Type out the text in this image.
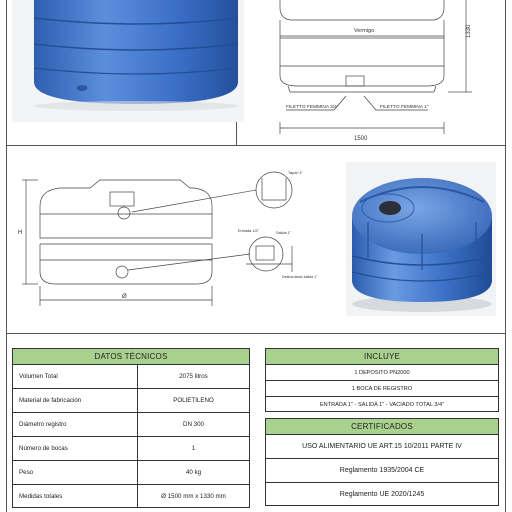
Vermigo	1330
1500
FILETTO FEMMINA 3/4"	FILETTO FEMMINA 1"
H
Ø
Tapón 1"
Entrada 1/2"	Salida 1"
Desbordador salida 1"
DATOS TÉCNICOS
Volumen Total	2075 litros
Material de fabricación	POLIETILENO
Diámetro registro	DN 300
Número de bocas	1
Peso	40 kg
Medidas totales	Ø 1500 mm x 1330 mm
INCLUYE
1 DEPOSITO PN2000
1 BOCA DE REGISTRO
ENTRADA 1" - SALIDA 1" - VACIADO TOTAL 3/4"
CERTIFICADOS
USO ALIMENTARIO UE ART.15 10/2011 PARTE IV
Reglamento 1935/2004 CE
Reglamento UE 2020/1245
